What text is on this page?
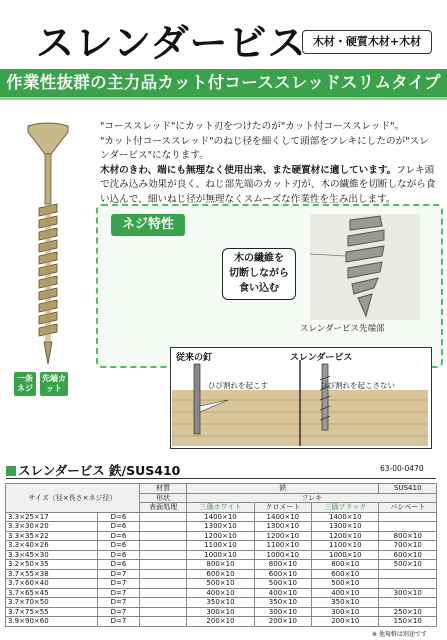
スレンダービス 木材・硬質木材+木材
作業性抜群の主力品カット付コーススレッドスリムタイプ
一条ネジ
先端カット

"コーススレッド"にカット刃をつけたのが"カット付コーススレッド"。

"カット付コーススレッド"のねじ径を細くして頭部をフレキにしたのが"スレンダービス"になります。

木材のきわ、端にも無理なく使用出来、また硬質材に適しています。フレキ頭で沈み込み効果が良く、ねじ部先端のカット刃が、木の繊維を切断しながら食い込んで、細いねじ径が無理なくスムーズな作業性を生み出します。

ネジ特性
木の繊維を
切断しながら
食い込む
スレンダービス先端部
従来の釘	スレンダービス
ひび割れを起こす	ひび割れを起こさない
スレンダービス 鉄/SUS410	63-00-0470
サイズ（径×長さ×ネジ径）		材質	鉄			SUS410
		形状	フレキ			
		表面処理	三価ホワイト	クロメート	三価ブラック	パシベート
3.3×25×17	D=6		1400×10	1400×10	1400×10	
3.3×30×20	D=6		1300×10	1300×10	1300×10	
3.3×35×22	D=6		1200×10	1200×10	1200×10	800×10
3.3×40×26	D=6		1100×10	1100×10	1100×10	700×10
3.3×45×30	D=6		1000×10	1000×10	1000×10	600×10
3.2×50×35	D=6		800×10	800×10	800×10	500×10
3.7×55×38	D=7		600×10	600×10	600×10	
3.7×60×40	D=7		500×10	500×10	500×10	
3.7×65×45	D=7		400×10	400×10	400×10	300×10
3.7×70×50	D=7		350×10	350×10	350×10	
3.7×75×55	D=7		300×10	300×10	300×10	250×10
3.9×90×60	D=7		200×10	200×10	200×10	150×10
※ 他規格は別途です
